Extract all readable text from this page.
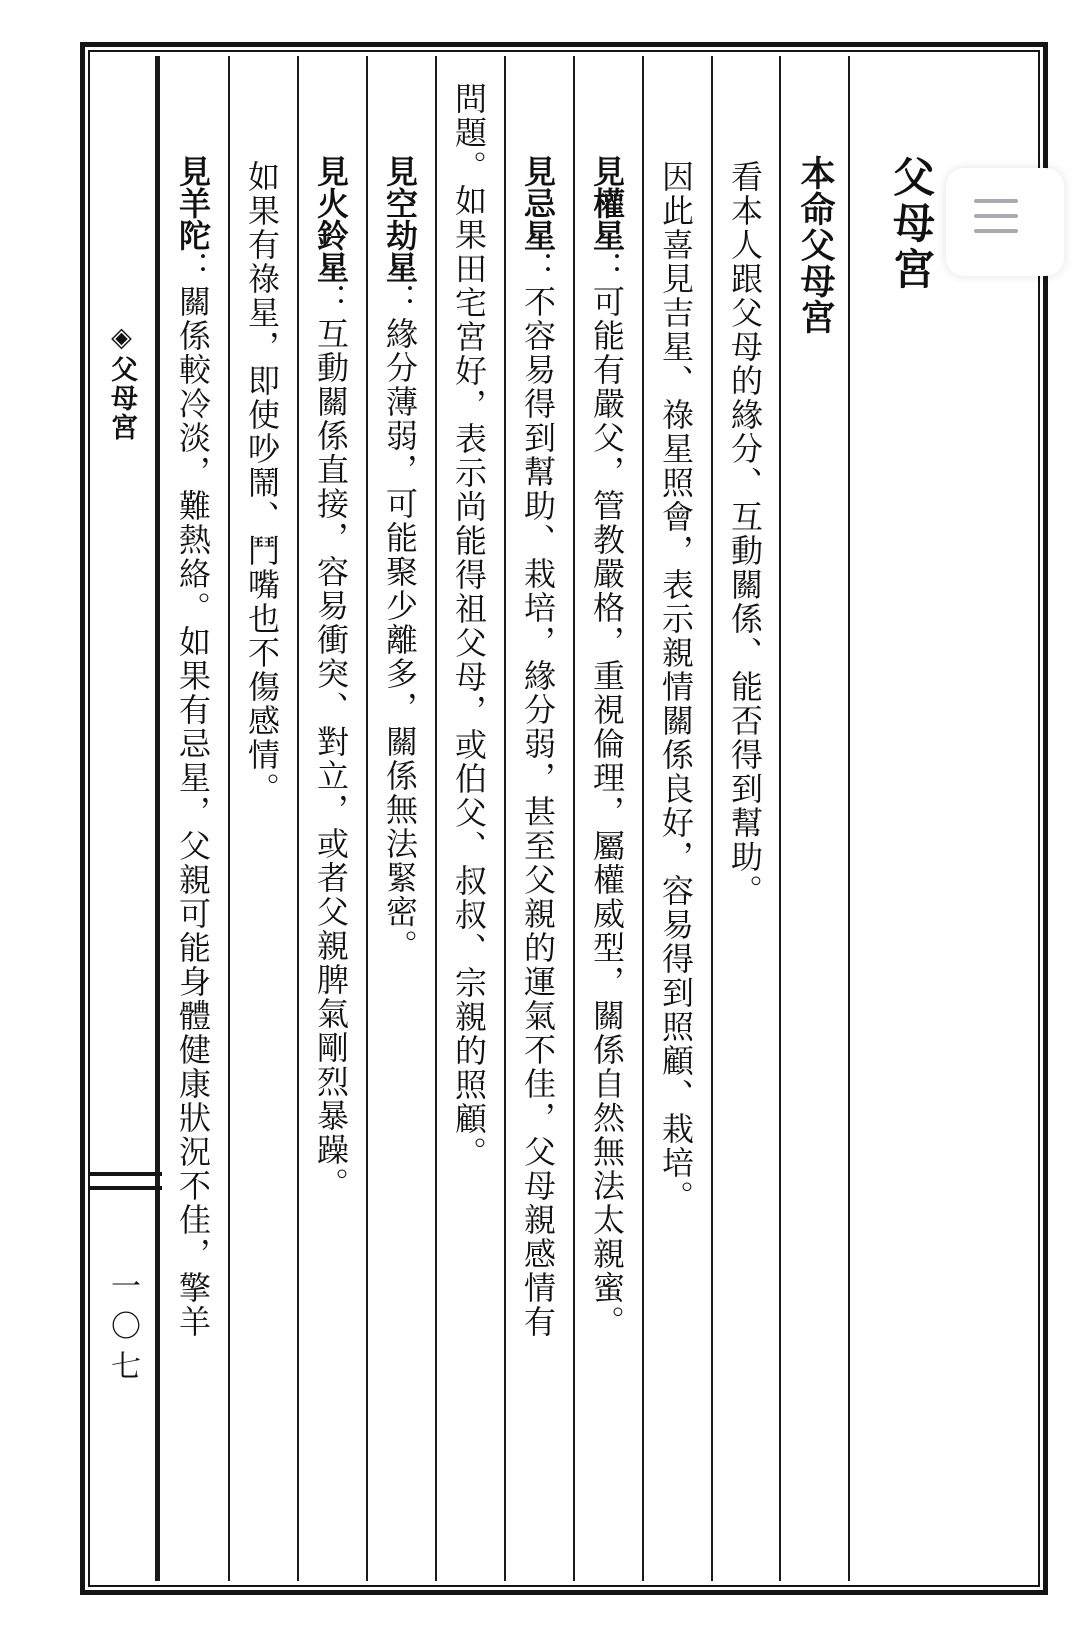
父母宮
本命父母宮
看本人跟父母的緣分、互動關係、能否得到幫助。
因此喜見吉星、祿星照會，表示親情關係良好，容易得到照顧、栽培。
見權星：可能有嚴父，管教嚴格，重視倫理，屬權威型，關係自然無法太親蜜。
見忌星：不容易得到幫助、栽培，緣分弱，甚至父親的運氣不佳，父母親感情有
問題。如果田宅宮好，表示尚能得祖父母，或伯父、叔叔、宗親的照顧。
見空劫星：緣分薄弱，可能聚少離多，關係無法緊密。
見火鈴星：互動關係直接，容易衝突、對立，或者父親脾氣剛烈暴躁。
如果有祿星，即使吵鬧、鬥嘴也不傷感情。
見羊陀：關係較冷淡，難熱絡。如果有忌星，父親可能身體健康狀況不佳，擎羊
◈父母宮
一〇七
